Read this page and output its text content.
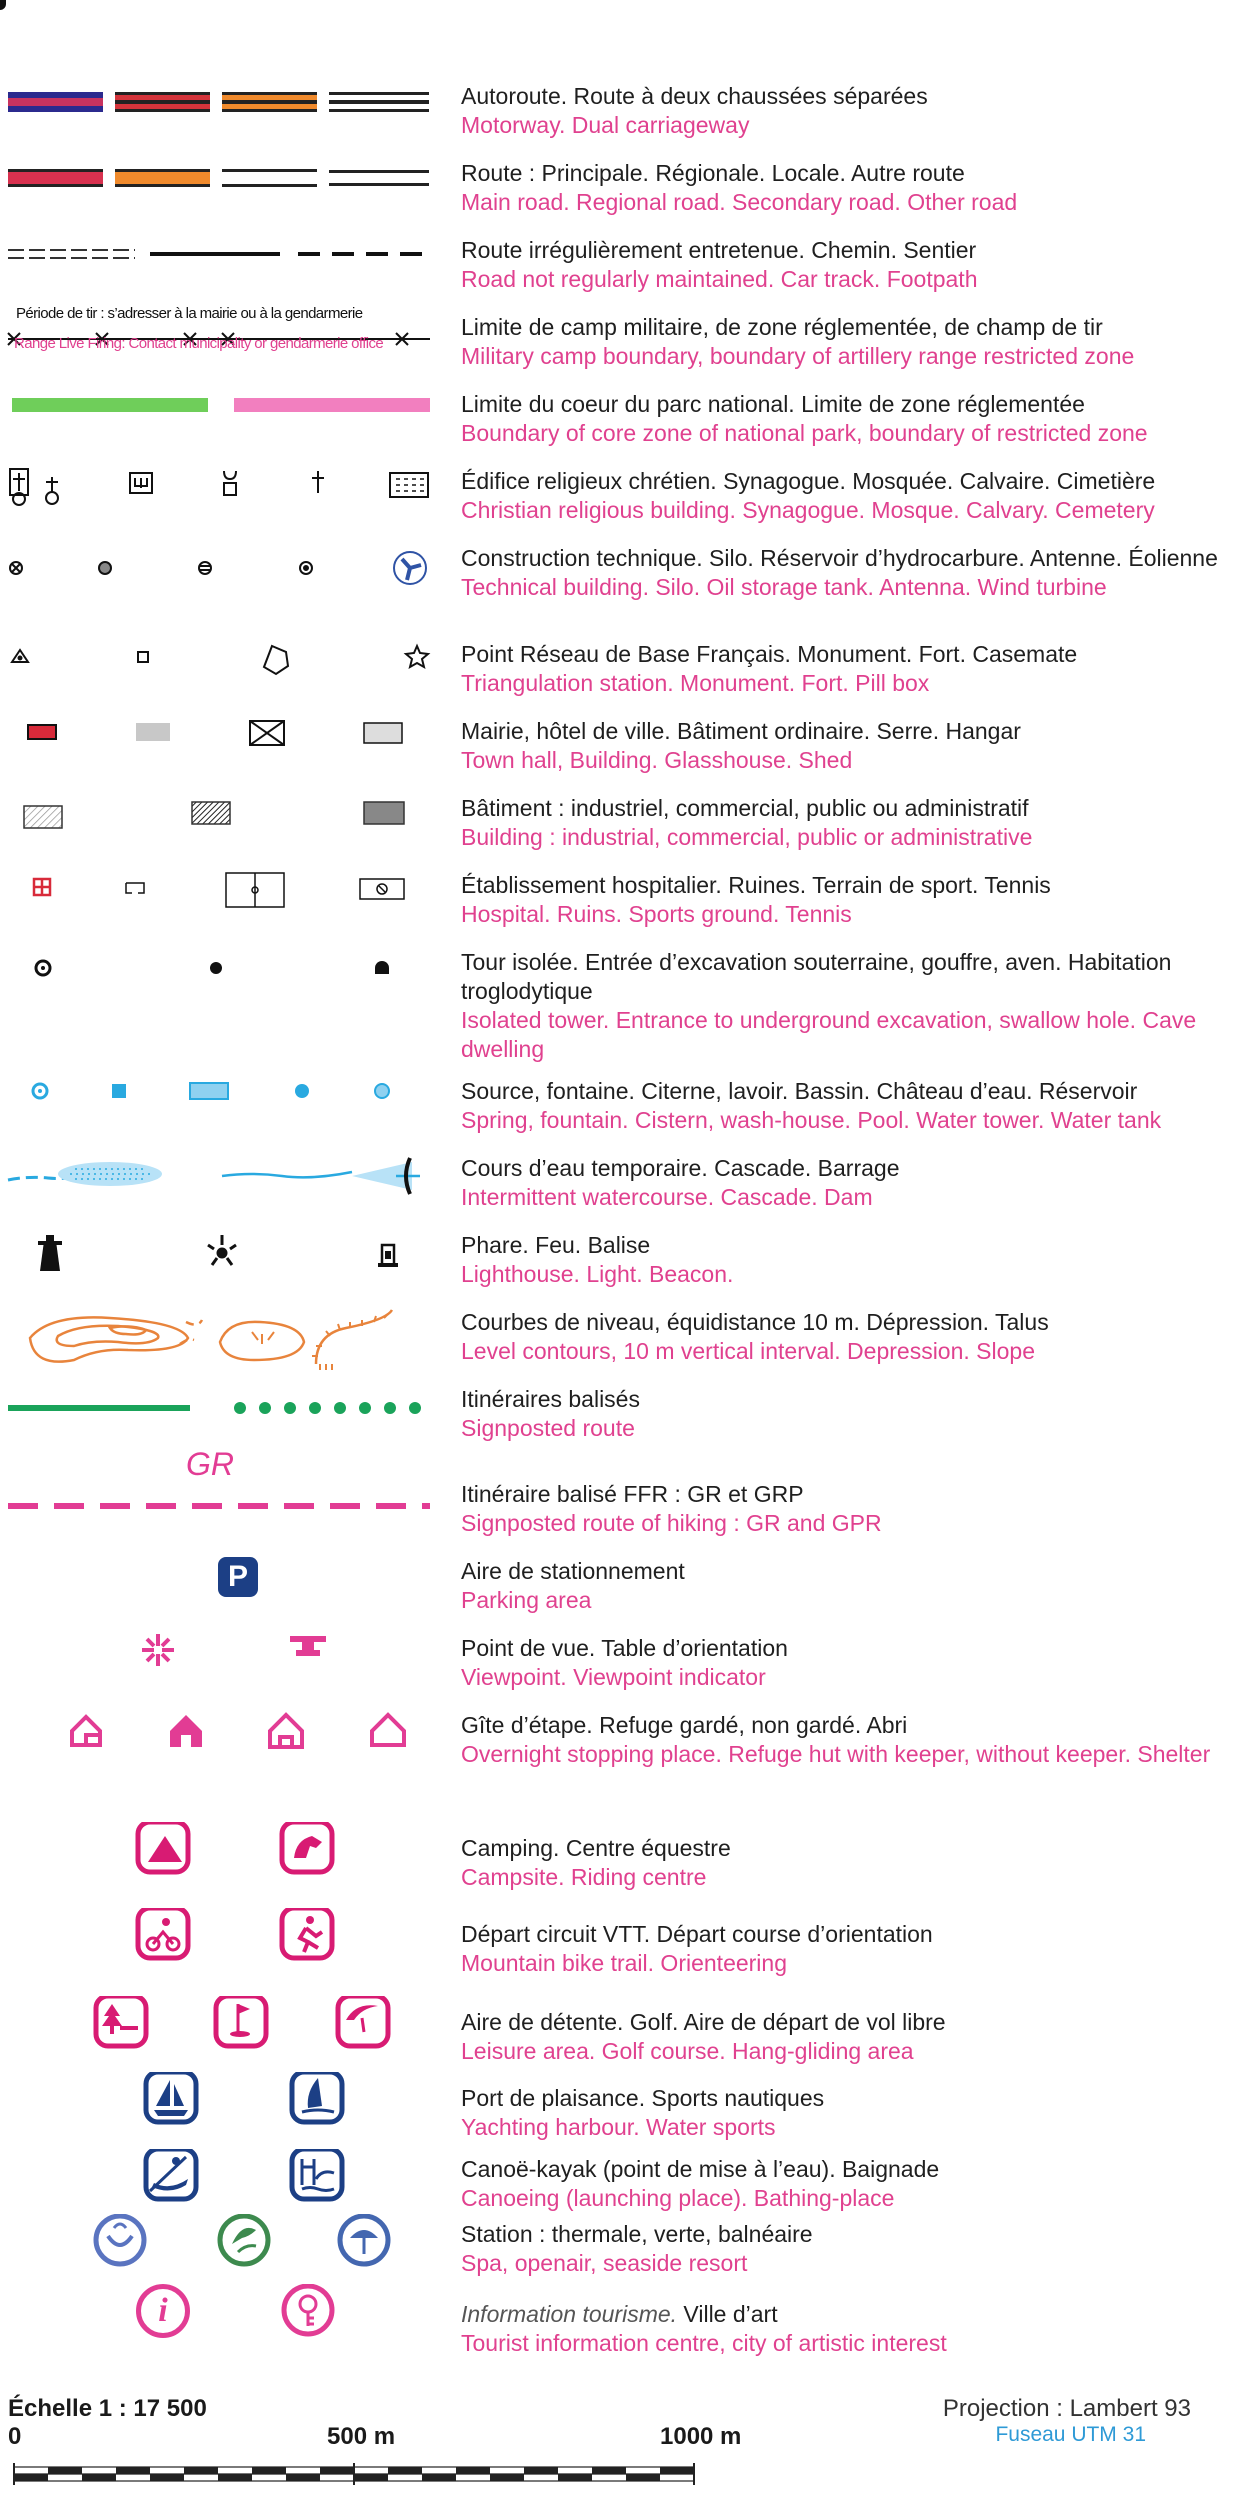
Autoroute. Route à deux chaussées séparées
Motorway. Dual carriageway
Route : Principale. Régionale. Locale. Autre route
Main road. Regional road. Secondary road. Other road
Route irrégulièrement entretenue. Chemin. Sentier
Road not regularly maintained. Car track. Footpath
Période de tir : s’adresser à la mairie ou à la gendarmerie
Range Live Firing: Contact municipality or gendarmerie office
Limite de camp militaire, de zone réglementée, de champ de tir
Military camp boundary, boundary of artillery range restricted zone
Limite du coeur du parc national. Limite de zone réglementée
Boundary of core zone of national park, boundary of restricted zone
Édifice religieux chrétien. Synagogue. Mosquée. Calvaire. Cimetière
Christian religious building. Synagogue. Mosque. Calvary. Cemetery
Construction technique. Silo. Réservoir d’hydrocarbure. Antenne. Éolienne
Technical building. Silo. Oil storage tank. Antenna. Wind turbine
Point Réseau de Base Français. Monument. Fort. Casemate
Triangulation station. Monument. Fort. Pill box
Mairie, hôtel de ville. Bâtiment ordinaire. Serre. Hangar
Town hall, Building. Glasshouse. Shed
Bâtiment : industriel, commercial, public ou administratif
Building : industrial, commercial, public or administrative
Établissement hospitalier. Ruines. Terrain de sport. Tennis
Hospital. Ruins. Sports ground. Tennis
Tour isolée. Entrée d’excavation souterraine, gouffre, aven. Habitation troglodytique
Isolated tower. Entrance to underground excavation, swallow hole. Cave dwelling
Source, fontaine. Citerne, lavoir. Bassin. Château d’eau. Réservoir
Spring, fountain. Cistern, wash-house. Pool. Water tower. Water tank
Cours d’eau temporaire. Cascade. Barrage
Intermittent watercourse. Cascade. Dam
Phare. Feu. Balise
Lighthouse. Light. Beacon.
Courbes de niveau, équidistance 10 m. Dépression. Talus
Level contours, 10 m vertical interval. Depression. Slope
Itinéraires balisés
Signposted route
GR
Itinéraire balisé FFR : GR et GRP
Signposted route of hiking : GR and GPR
P	Aire de stationnement
Parking area
Point de vue. Table d’orientation
Viewpoint. Viewpoint indicator
Gîte d’étape. Refuge gardé, non gardé. Abri
Overnight stopping place. Refuge hut with keeper, without keeper. Shelter
Camping. Centre équestre
Campsite. Riding centre
Départ circuit VTT. Départ course d’orientation
Mountain bike trail. Orienteering
Aire de détente. Golf. Aire de départ de vol libre
Leisure area. Golf course. Hang-gliding area
Port de plaisance. Sports nautiques
Yachting harbour. Water sports
Canoë-kayak (point de mise à l’eau). Baignade
Canoeing (launching place). Bathing-place
Station : thermale, verte, balnéaire
Spa, openair, seaside resort
i	Information tourisme. Ville d’art
Tourist information centre, city of artistic interest
Échelle 1 : 17 500
0	500 m	1000 m
Projection : Lambert 93
Fuseau UTM 31
